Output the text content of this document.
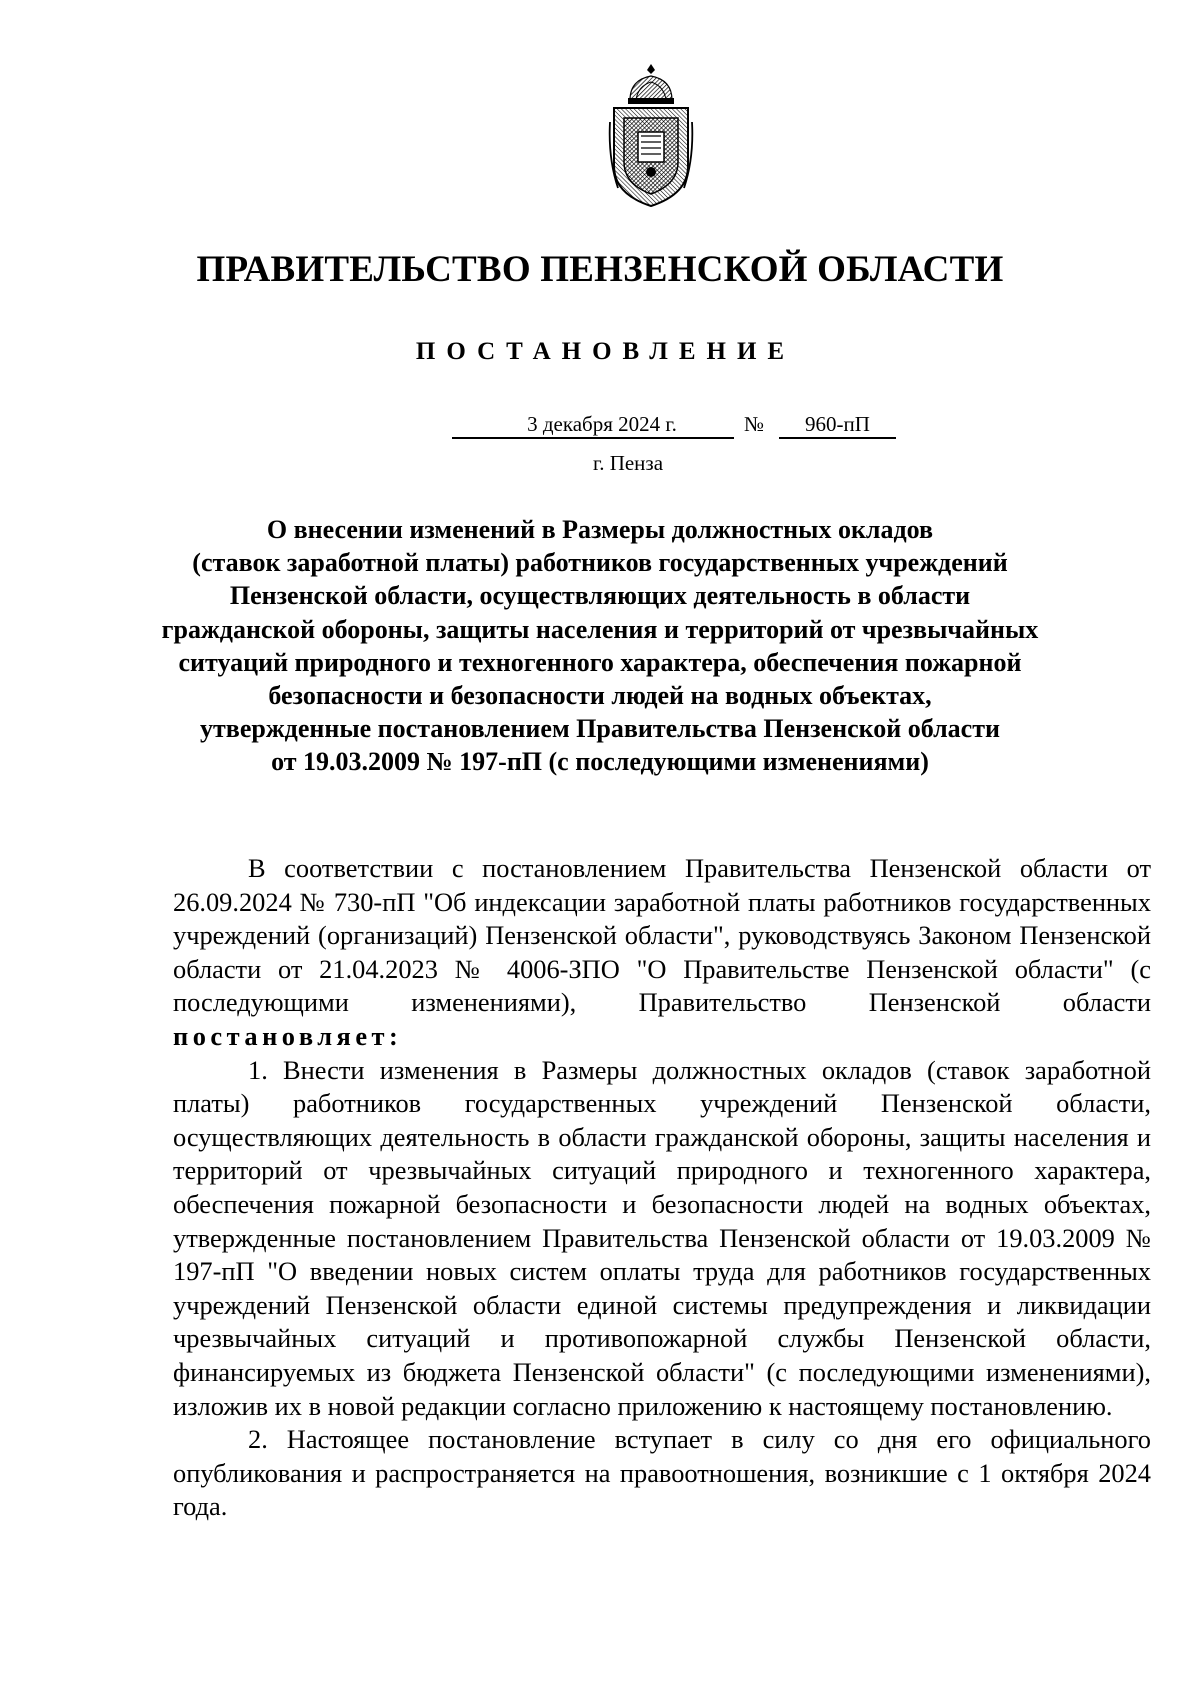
ПРАВИТЕЛЬСТВО ПЕНЗЕНСКОЙ ОБЛАСТИ
ПОСТАНОВЛЕНИЕ
3 декабря 2024 г.	№	960-пП
г. Пенза
О внесении изменений в Размеры должностных окладов
(ставок заработной платы) работников государственных учреждений
Пензенской области, осуществляющих деятельность в области
гражданской обороны, защиты населения и территорий от чрезвычайных
ситуаций природного и техногенного характера, обеспечения пожарной
безопасности и безопасности людей на водных объектах,
утвержденные постановлением Правительства Пензенской области
от 19.03.2009 № 197-пП (с последующими изменениями)

В соответствии с постановлением Правительства Пензенской области от 26.09.2024 № 730-пП "Об индексации заработной платы работников государственных учреждений (организаций) Пензенской области", руководствуясь Законом Пензенской области от 21.04.2023 № 4006-ЗПО "О Правительстве Пензенской области" (с последующими изменениями), Правительство Пензенской области постановляет:

1. Внести изменения в Размеры должностных окладов (ставок заработной платы) работников государственных учреждений Пензенской области, осуществляющих деятельность в области гражданской обороны, защиты населения и территорий от чрезвычайных ситуаций природного и техногенного характера, обеспечения пожарной безопасности и безопасности людей на водных объектах, утвержденные постановлением Правительства Пензенской области от 19.03.2009 № 197-пП "О введении новых систем оплаты труда для работников государственных учреждений Пензенской области единой системы предупреждения и ликвидации чрезвычайных ситуаций и противопожарной службы Пензенской области, финансируемых из бюджета Пензенской области" (с последующими изменениями), изложив их в новой редакции согласно приложению к настоящему постановлению.

2. Настоящее постановление вступает в силу со дня его официального опубликования и распространяется на правоотношения, возникшие с 1 октября 2024 года.
